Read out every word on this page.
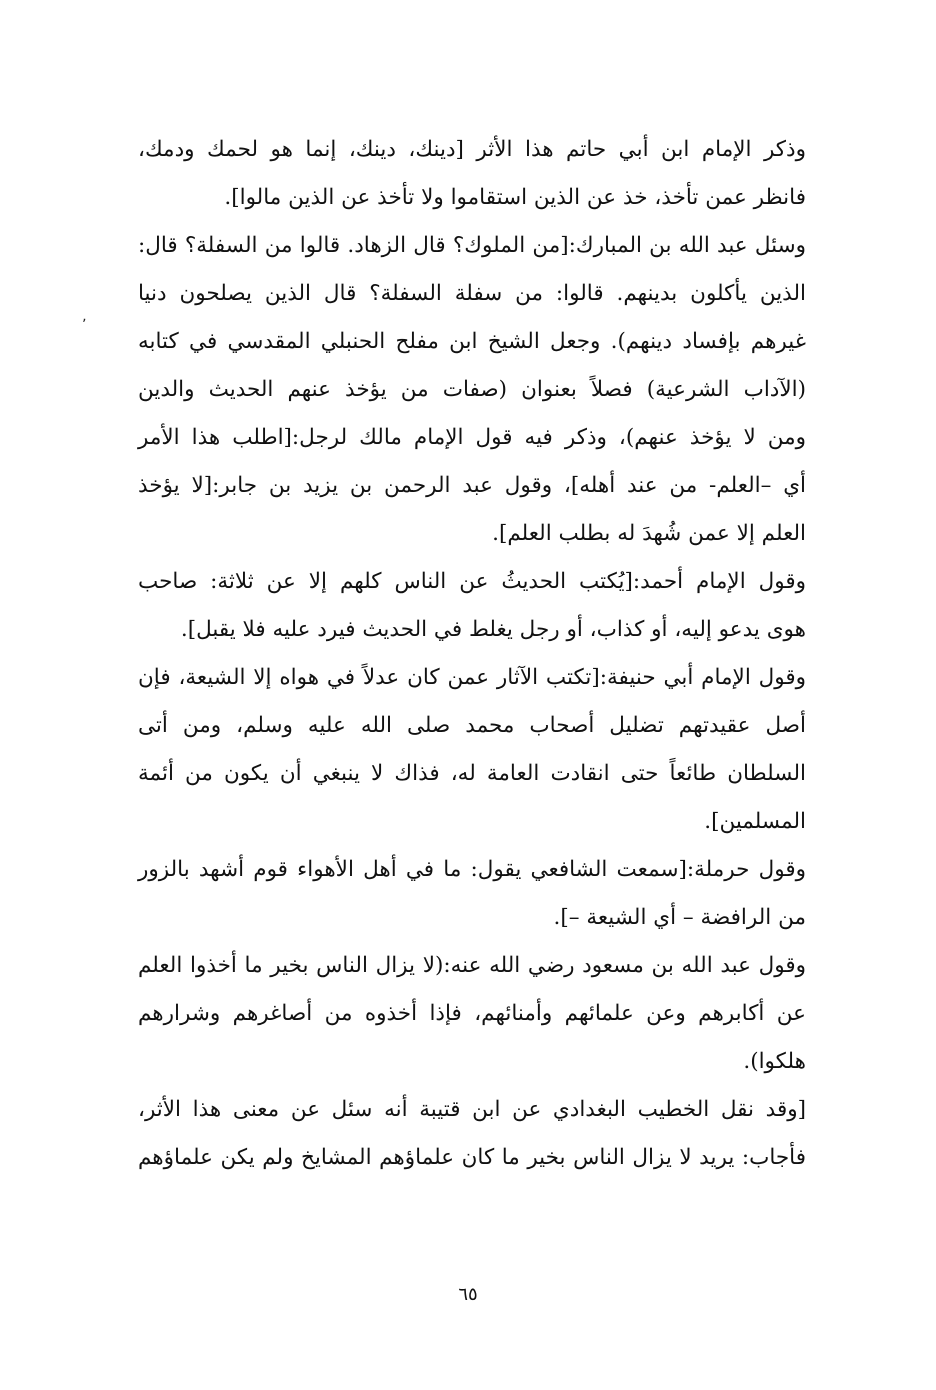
٬
وذكر الإمام ابن أبي حاتم هذا الأثر [دينك، دينك، إنما هو لحمك ودمك،
فانظر عمن تأخذ، خذ عن الذين استقاموا ولا تأخذ عن الذين مالوا].
وسئل عبد الله بن المبارك:[من الملوك؟ قال الزهاد. قالوا من السفلة؟ قال:
الذين يأكلون بدينهم. قالوا: من سفلة السفلة؟ قال الذين يصلحون دنيا
غيرهم بإفساد دينهم). وجعل الشيخ ابن مفلح الحنبلي المقدسي في كتابه
(الآداب الشرعية) فصلاً بعنوان (صفات من يؤخذ عنهم الحديث والدين
ومن لا يؤخذ عنهم)، وذكر فيه قول الإمام مالك لرجل:[اطلب هذا الأمر
أي –العلم- من عند أهله]، وقول عبد الرحمن بن يزيد بن جابر:[لا يؤخذ
العلم إلا عمن شُهدَ له بطلب العلم].
وقول الإمام أحمد:[يُكتب الحديثُ عن الناس كلهم إلا عن ثلاثة: صاحب
هوى يدعو إليه، أو كذاب، أو رجل يغلط في الحديث فيرد عليه فلا يقبل].
وقول الإمام أبي حنيفة:[تكتب الآثار عمن كان عدلاً في هواه إلا الشيعة، فإن
أصل عقيدتهم تضليل أصحاب محمد صلى الله عليه وسلم، ومن أتى
السلطان طائعاً حتى انقادت العامة له، فذاك لا ينبغي أن يكون من أئمة
المسلمين].
وقول حرملة:[سمعت الشافعي يقول: ما في أهل الأهواء قوم أشهد بالزور
من الرافضة – أي الشيعة –].
وقول عبد الله بن مسعود رضي الله عنه:(لا يزال الناس بخير ما أخذوا العلم
عن أكابرهم وعن علمائهم وأمنائهم، فإذا أخذوه من أصاغرهم وشرارهم
هلكوا).
[وقد نقل الخطيب البغدادي عن ابن قتيبة أنه سئل عن معنى هذا الأثر،
فأجاب: يريد لا يزال الناس بخير ما كان علماؤهم المشايخ ولم يكن علماؤهم
٦٥
